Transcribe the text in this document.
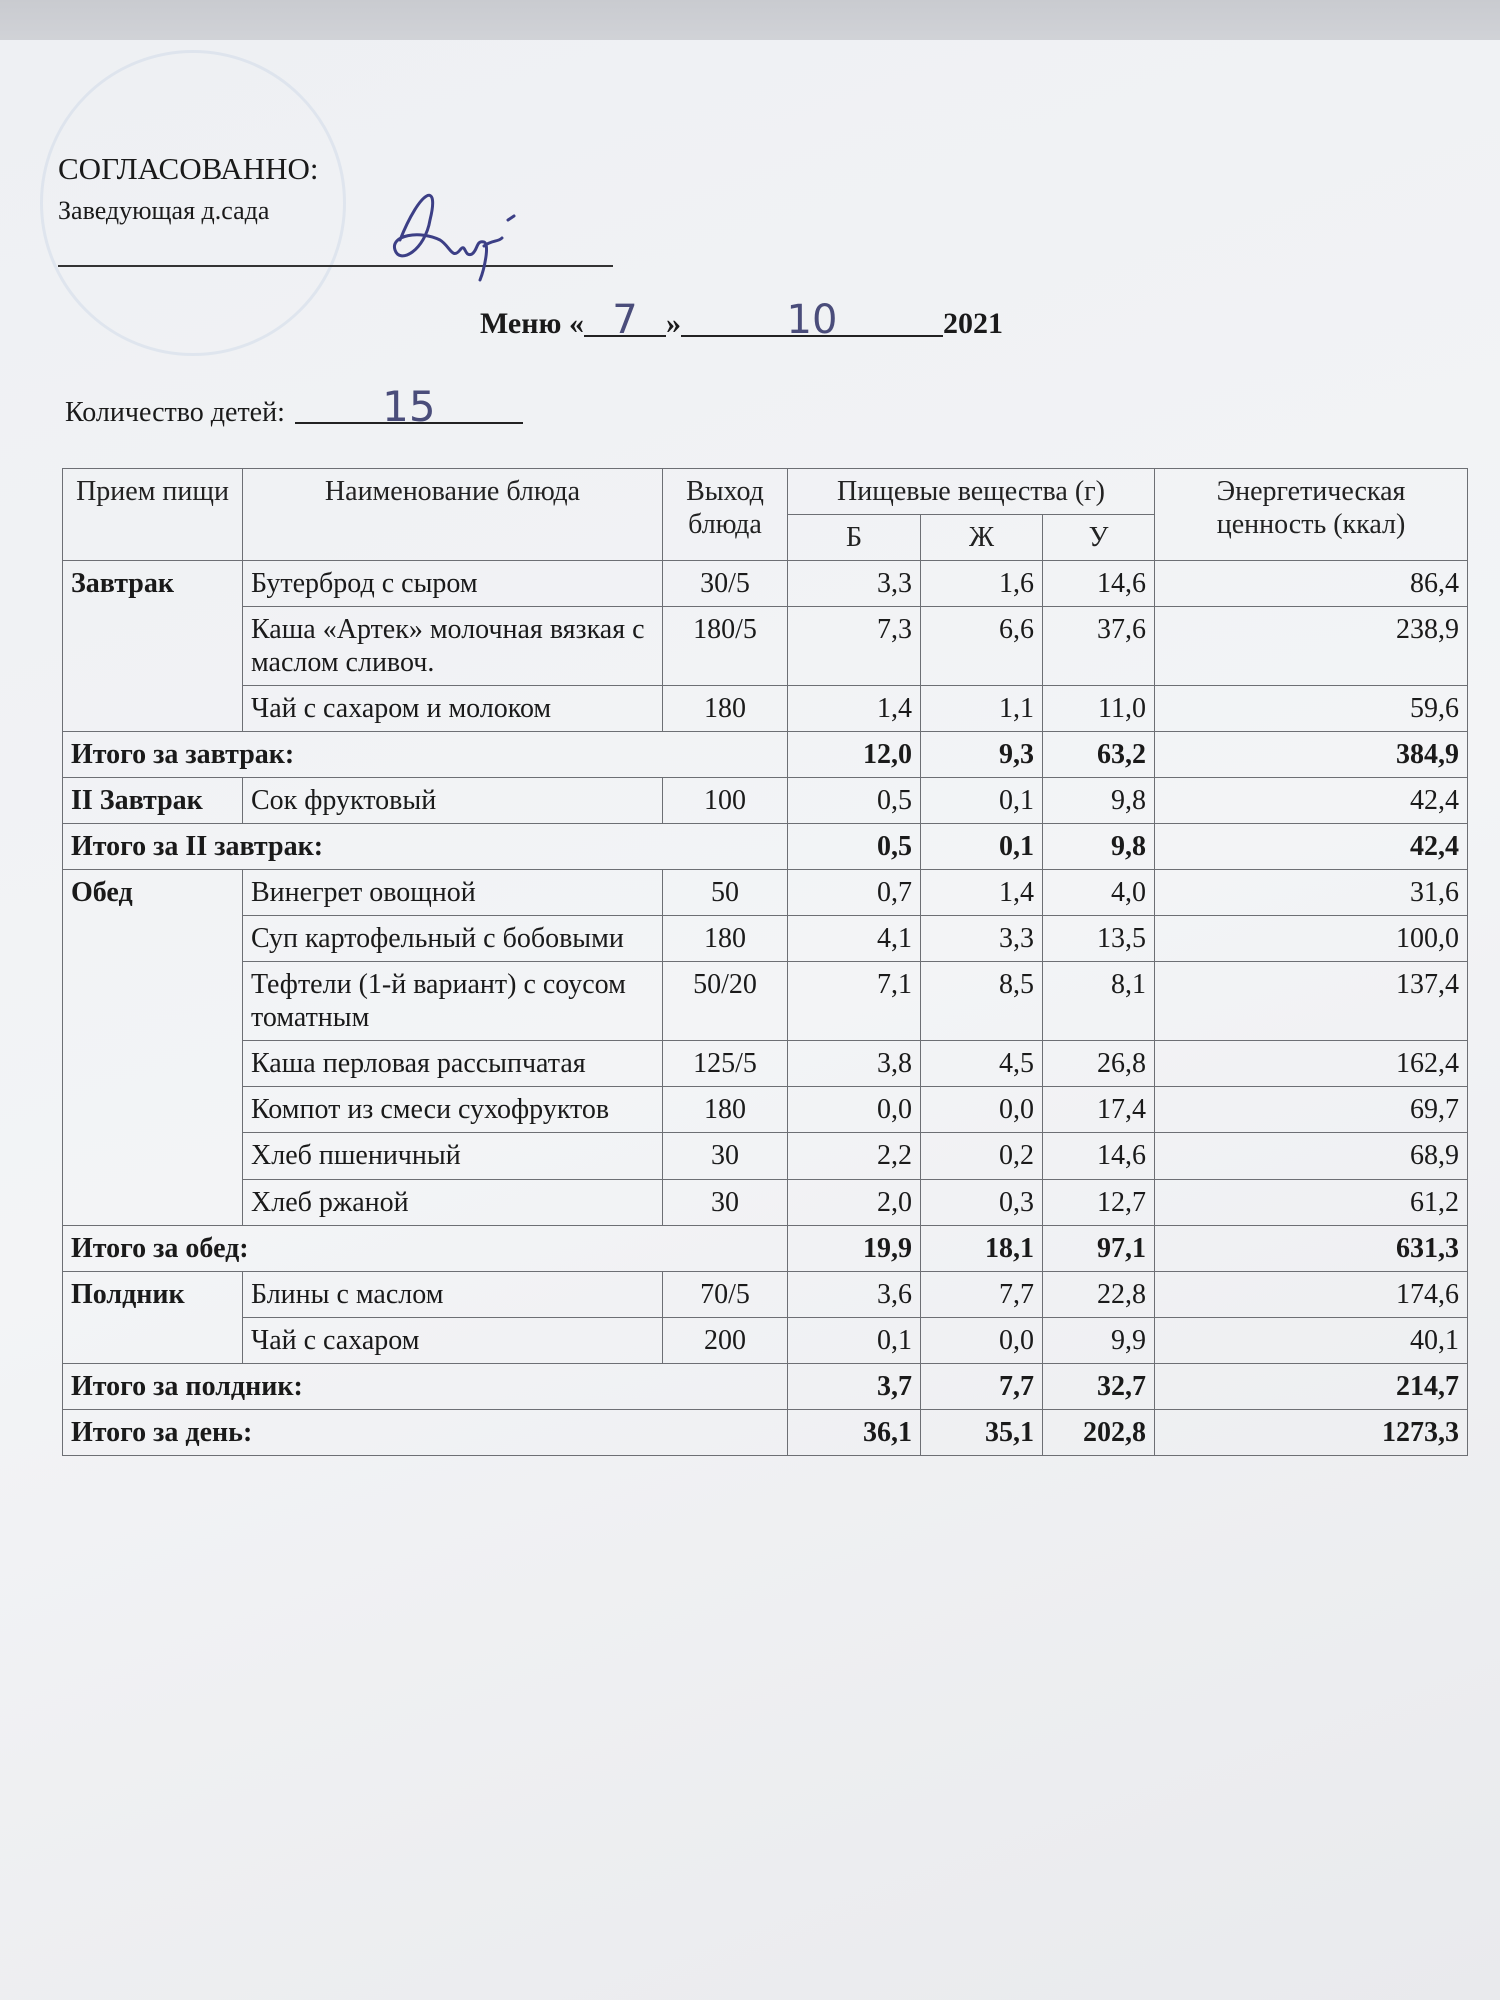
СОГЛАСОВАННО:
Заведующая д.сада
Меню « 7 »	10	2021
Количество детей: 15
Прием пищи	Наименование блюда	Выход блюда	Пищевые вещества (г)			Энергетическая ценность (ккал)
			Б	Ж	У	
Завтрак	Бутерброд с сыром	30/5	3,3	1,6	14,6	86,4
	Каша «Артек» молочная вязкая с маслом сливоч.	180/5	7,3	6,6	37,6	238,9
	Чай с сахаром и молоком	180	1,4	1,1	11,0	59,6
Итого за завтрак:			12,0	9,3	63,2	384,9
II Завтрак	Сок фруктовый	100	0,5	0,1	9,8	42,4
Итого за II завтрак:			0,5	0,1	9,8	42,4
Обед	Винегрет овощной	50	0,7	1,4	4,0	31,6
	Суп картофельный с бобовыми	180	4,1	3,3	13,5	100,0
	Тефтели (1-й вариант) с соусом томатным	50/20	7,1	8,5	8,1	137,4
	Каша перловая рассыпчатая	125/5	3,8	4,5	26,8	162,4
	Компот из смеси сухофруктов	180	0,0	0,0	17,4	69,7
	Хлеб пшеничный	30	2,2	0,2	14,6	68,9
	Хлеб ржаной	30	2,0	0,3	12,7	61,2
Итого за обед:			19,9	18,1	97,1	631,3
Полдник	Блины с маслом	70/5	3,6	7,7	22,8	174,6
	Чай с сахаром	200	0,1	0,0	9,9	40,1
Итого за полдник:			3,7	7,7	32,7	214,7
Итого за день:			36,1	35,1	202,8	1273,3
